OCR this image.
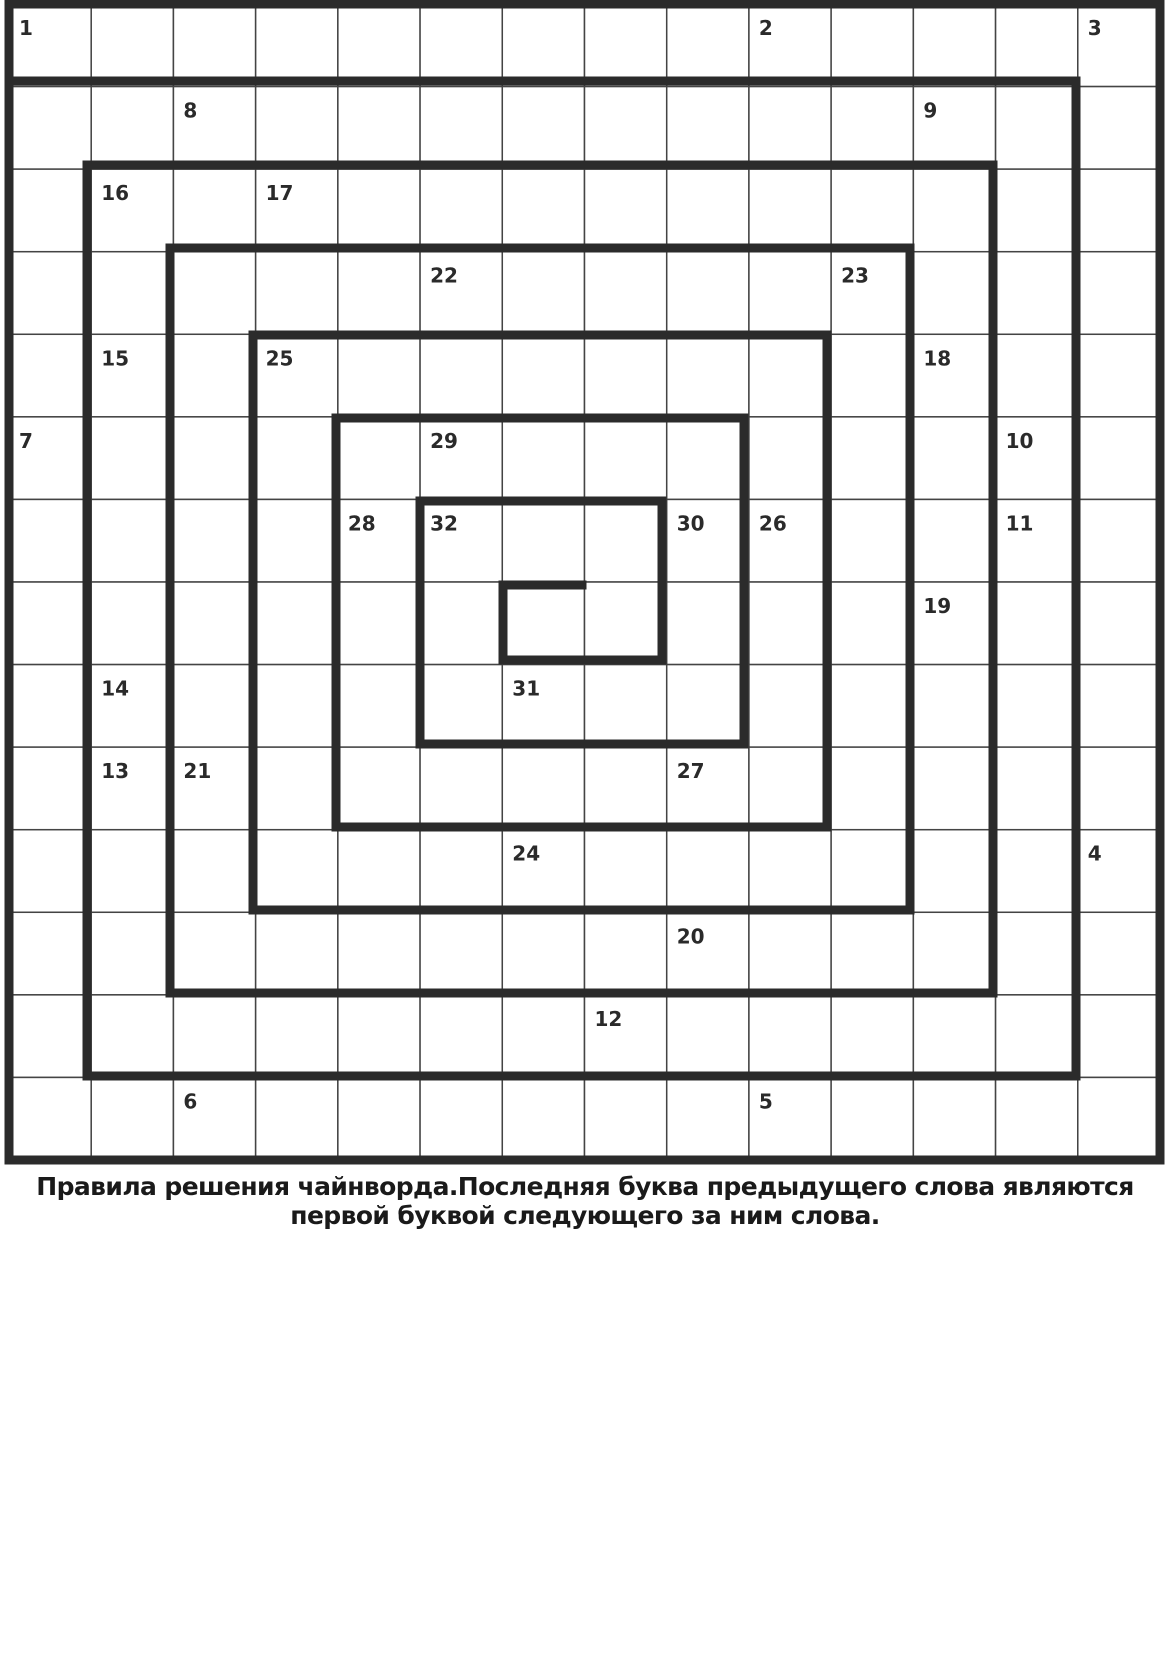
1	2	3
8	9
16	17
22	23
15	25	18
7	29	10
28	32	30	26	11
19
14	31
13	21	27
24	4
20
12
6	5
Правила решения чайнворда.Последняя буква предыдущего слова являются первой буквой следующего за ним слова.
